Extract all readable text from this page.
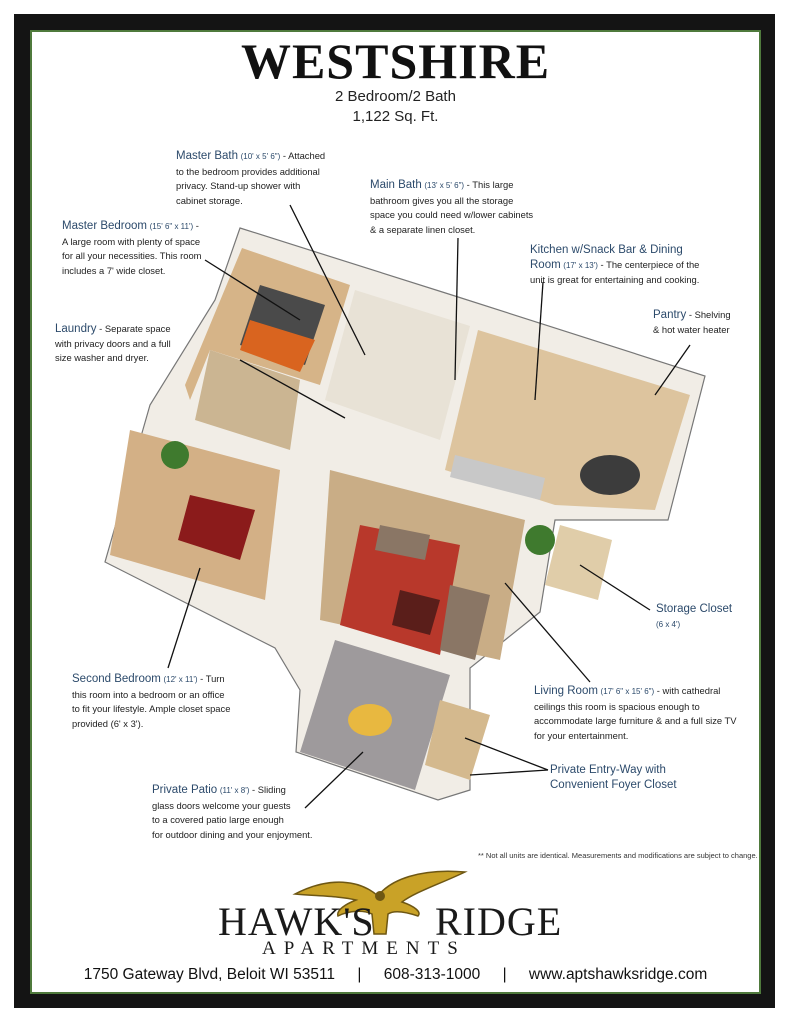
WESTSHIRE
2 Bedroom/2 Bath
1,122 Sq. Ft.
Master Bath (10' x 5' 6") - Attached
to the bedroom provides additional
privacy. Stand-up shower with
cabinet storage.
Main Bath (13' x 5' 6") - This large
bathroom gives you all the storage
space you could need w/lower cabinets
& a separate linen closet.
Master Bedroom (15' 6" x 11') -
A large room with plenty of space
for all your necessities. This room
includes a 7' wide closet.
Kitchen w/Snack Bar & Dining
Room (17' x 13') - The centerpiece of the
unit is great for entertaining and cooking.
Pantry - Shelving
& hot water heater
Laundry - Separate space
with privacy doors and a full
size washer and dryer.
Storage Closet
(6 x 4')
Second Bedroom (12' x 11') - Turn
this room into a bedroom or an office
to fit your lifestyle. Ample closet space
provided (6' x 3').
Living Room (17' 6" x 15' 6") - with cathedral
ceilings this room is spacious enough to
accommodate large furniture & and a full size TV
for your entertainment.
Private Entry-Way with
Convenient Foyer Closet
Private Patio (11' x 8') - Sliding
glass doors welcome your guests
to a covered patio large enough
for outdoor dining and your enjoyment.
** Not all units are identical. Measurements and modifications are subject to change.
HAWK'S RIDGE
APARTMENTS
1750 Gateway Blvd, Beloit WI 53511 | 608-313-1000 | www.aptshawksridge.com
